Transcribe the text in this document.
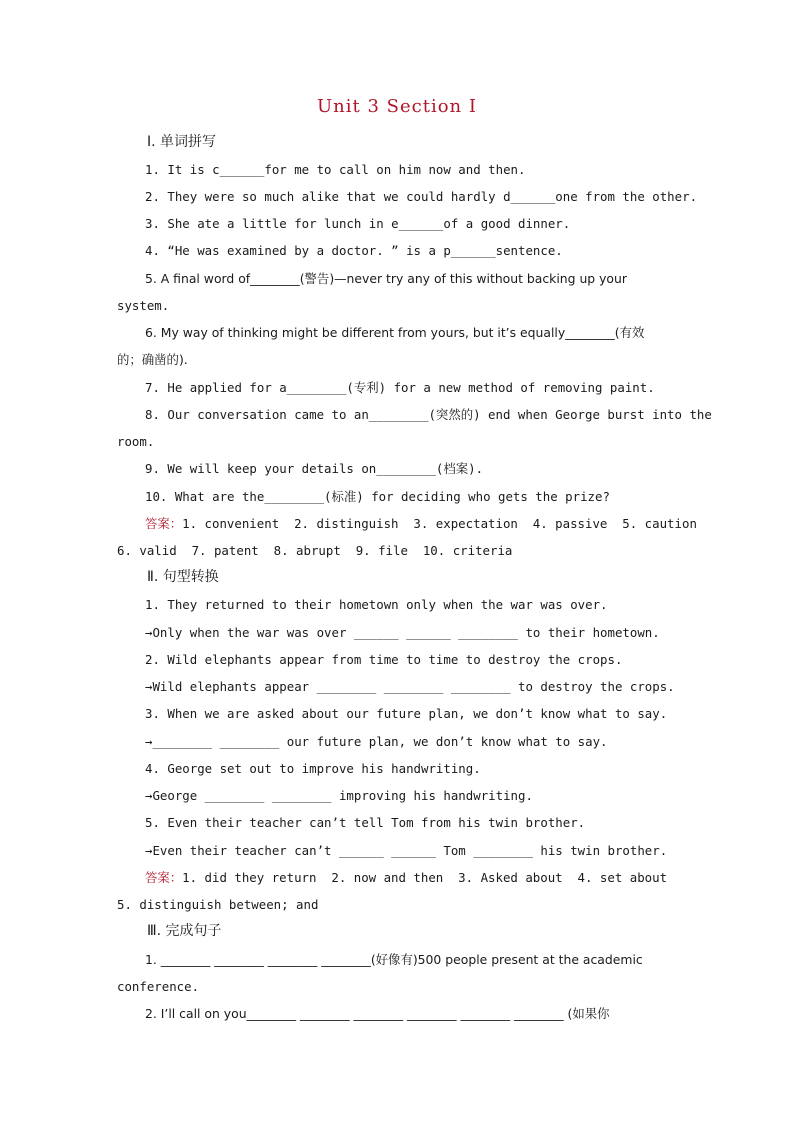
Unit 3 Section Ⅰ
Ⅰ. 单词拼写
1. It is c______for me to call on him now and then.
2. They were so much alike that we could hardly d______one from the other.
3. She ate a little for lunch in e______of a good dinner.
4. “He was examined by a doctor. ” is a p______sentence.
5. A final word of________(警告)—never try any of this without backing up your
system.
6. My way of thinking might be different from yours, but it’s equally________(有效
的；确凿的).
7. He applied for a________(专利) for a new method of removing paint.
8. Our conversation came to an________(突然的) end when George burst into the
room.
9. We will keep your details on________(档案).
10. What are the________(标准) for deciding who gets the prize?
答案：1. convenient  2. distinguish  3. expectation  4. passive  5. caution
6. valid  7. patent  8. abrupt  9. file  10. criteria
Ⅱ. 句型转换
1. They returned to their hometown only when the war was over.
→Only when the war was over ______ ______ ________ to their hometown.
2. Wild elephants appear from time to time to destroy the crops.
→Wild elephants appear ________ ________ ________ to destroy the crops.
3. When we are asked about our future plan, we don’t know what to say.
→________ ________ our future plan, we don’t know what to say.
4. George set out to improve his handwriting.
→George ________ ________ improving his handwriting.
5. Even their teacher can’t tell Tom from his twin brother.
→Even their teacher can’t ______ ______ Tom ________ his twin brother.
答案：1. did they return  2. now and then  3. Asked about  4. set about
5. distinguish between; and
Ⅲ. 完成句子
1. ________ ________ ________ ________(好像有)500 people present at the academic
conference.
2. I’ll call on you________ ________ ________ ________ ________ ________ (如果你
